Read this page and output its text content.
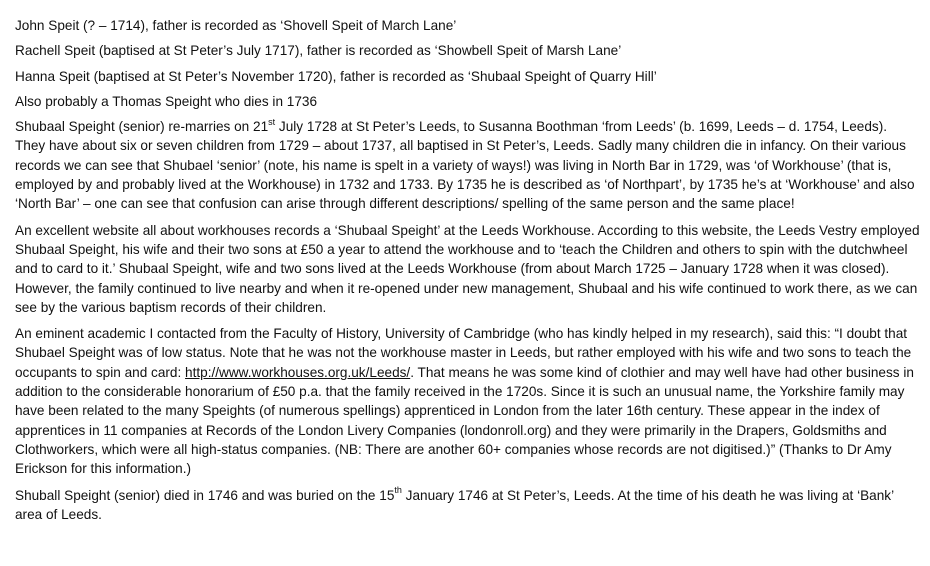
John Speit (? – 1714), father is recorded as ‘Shovell Speit of March Lane’

Rachell Speit (baptised at St Peter’s July 1717), father is recorded as ‘Showbell Speit of Marsh Lane’

Hanna Speit (baptised at St Peter’s November 1720), father is recorded as ‘Shubaal Speight of Quarry Hill’

Also probably a Thomas Speight who dies in 1736

Shubaal Speight (senior) re-marries on 21st July 1728 at St Peter’s Leeds, to Susanna Boothman ‘from Leeds’ (b. 1699, Leeds – d. 1754, Leeds). They have about six or seven children from 1729 – about 1737, all baptised in St Peter’s, Leeds. Sadly many children die in infancy. On their various records we can see that Shubael ‘senior’ (note, his name is spelt in a variety of ways!) was living in North Bar in 1729, was ‘of Workhouse’ (that is, employed by and probably lived at the Workhouse) in 1732 and 1733. By 1735 he is described as ‘of Northpart’, by 1735 he’s at ‘Workhouse’ and also ‘North Bar’ – one can see that confusion can arise through different descriptions/ spelling of the same person and the same place!

An excellent website all about workhouses records a ‘Shubaal Speight’ at the Leeds Workhouse. According to this website, the Leeds Vestry employed Shubaal Speight, his wife and their two sons at £50 a year to attend the workhouse and to ‘teach the Children and others to spin with the dutchwheel and to card to it.’ Shubaal Speight, wife and two sons lived at the Leeds Workhouse (from about March 1725 – January 1728 when it was closed). However, the family continued to live nearby and when it re-opened under new management, Shubaal and his wife continued to work there, as we can see by the various baptism records of their children.

An eminent academic I contacted from the Faculty of History, University of Cambridge (who has kindly helped in my research), said this: “I doubt that Shubael Speight was of low status. Note that he was not the workhouse master in Leeds, but rather employed with his wife and two sons to teach the occupants to spin and card: http://www.workhouses.org.uk/Leeds/. That means he was some kind of clothier and may well have had other business in addition to the considerable honorarium of £50 p.a. that the family received in the 1720s. Since it is such an unusual name, the Yorkshire family may have been related to the many Speights (of numerous spellings) apprenticed in London from the later 16th century. These appear in the index of apprentices in 11 companies at Records of the London Livery Companies (londonroll.org) and they were primarily in the Drapers, Goldsmiths and Clothworkers, which were all high-status companies. (NB: There are another 60+ companies whose records are not digitised.)” (Thanks to Dr Amy Erickson for this information.)

Shuball Speight (senior) died in 1746 and was buried on the 15th January 1746 at St Peter’s, Leeds. At the time of his death he was living at ‘Bank’ area of Leeds.
